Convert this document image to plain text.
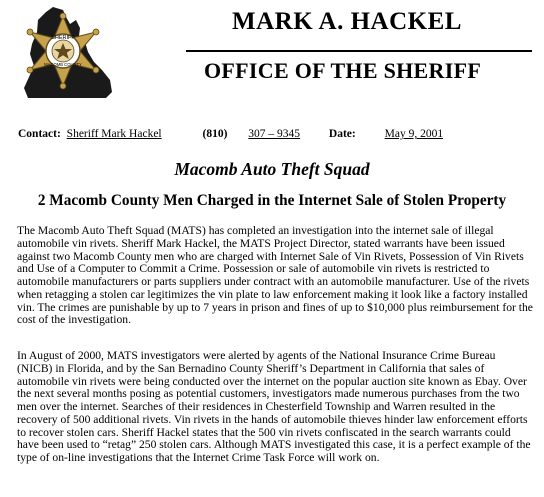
SHERIFF
MACOMB COUNTY
MARK A. HACKEL
OFFICE OF THE SHERIFF
Contact: Sheriff Mark Hackel	(810) 307 – 9345	Date:	May 9, 2001
Macomb Auto Theft Squad
2 Macomb County Men Charged in the Internet Sale of Stolen Property

The Macomb Auto Theft Squad (MATS) has completed an investigation into the internet sale of illegal automobile vin rivets. Sheriff Mark Hackel, the MATS Project Director, stated warrants have been issued against two Macomb County men who are charged with Internet Sale of Vin Rivets, Possession of Vin Rivets and Use of a Computer to Commit a Crime. Possession or sale of automobile vin rivets is restricted to automobile manufacturers or parts suppliers under contract with an automobile manufacturer. Use of the rivets when retagging a stolen car legitimizes the vin plate to law enforcement making it look like a factory installed vin. The crimes are punishable by up to 7 years in prison and fines of up to $10,000 plus reimbursement for the cost of the investigation.

In August of 2000, MATS investigators were alerted by agents of the National Insurance Crime Bureau (NICB) in Florida, and by the San Bernadino County Sheriff’s Department in California that sales of automobile vin rivets were being conducted over the internet on the popular auction site known as Ebay. Over the next several months posing as potential customers, investigators made numerous purchases from the two men over the internet. Searches of their residences in Chesterfield Township and Warren resulted in the recovery of 500 additional rivets. Vin rivets in the hands of automobile thieves hinder law enforcement efforts to recover stolen cars. Sheriff Hackel states that the 500 vin rivets confiscated in the search warrants could have been used to “retag” 250 stolen cars. Although MATS investigated this case, it is a perfect example of the type of on-line investigations that the Internet Crime Task Force will work on.
